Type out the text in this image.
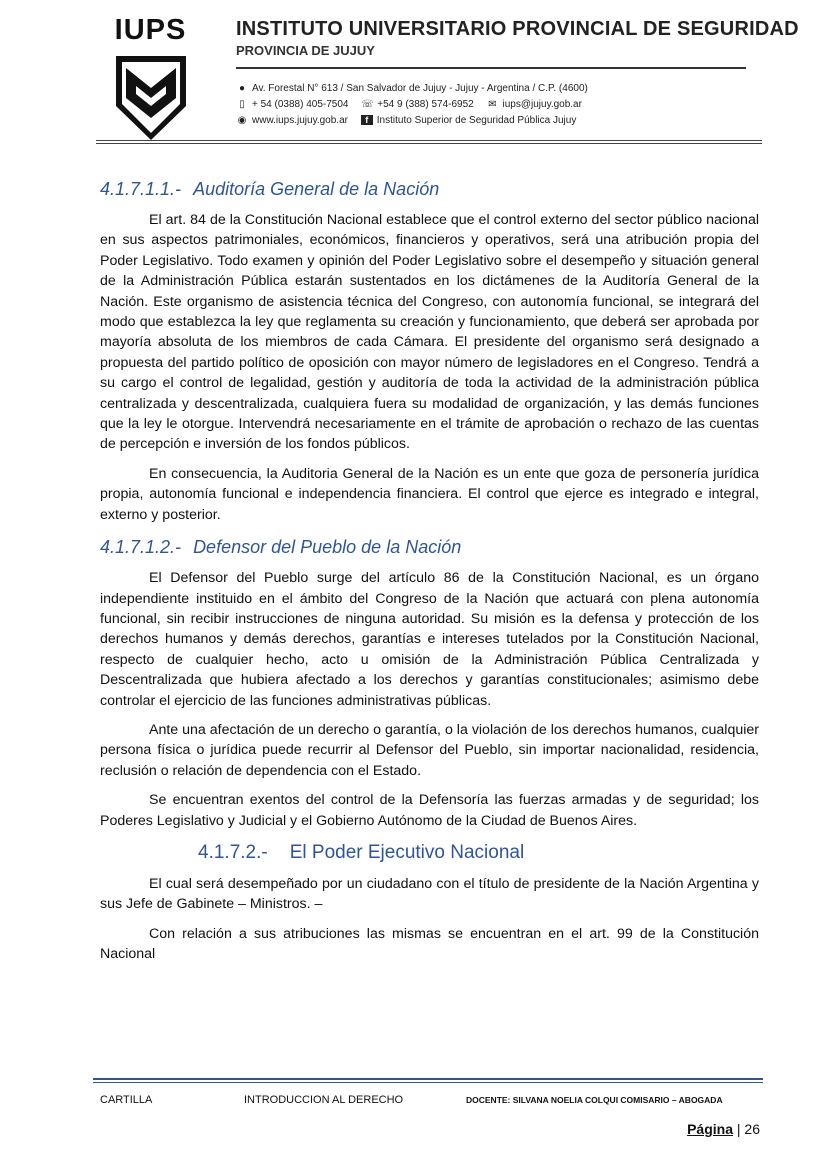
IUPS	INSTITUTO UNIVERSITARIO PROVINCIAL DE SEGURIDAD
PROVINCIA DE JUJUY
● Av. Forestal N° 613 / San Salvador de Jujuy - Jujuy - Argentina / C.P. (4600)
▯ + 54 (0388) 405-7504 ☏ +54 9 (388) 574-6952 ✉ iups@jujuy.gob.ar
◉ www.iups.jujuy.gob.ar f Instituto Superior de Seguridad Pública Jujuy
4.1.7.1.1.- Auditoría General de la Nación

El art. 84 de la Constitución Nacional establece que el control externo del sector público nacional en sus aspectos patrimoniales, económicos, financieros y operativos, será una atribución propia del Poder Legislativo. Todo examen y opinión del Poder Legislativo sobre el desempeño y situación general de la Administración Pública estarán sustentados en los dictámenes de la Auditoría General de la Nación. Este organismo de asistencia técnica del Congreso, con autonomía funcional, se integrará del modo que establezca la ley que reglamenta su creación y funcionamiento, que deberá ser aprobada por mayoría absoluta de los miembros de cada Cámara. El presidente del organismo será designado a propuesta del partido político de oposición con mayor número de legisladores en el Congreso. Tendrá a su cargo el control de legalidad, gestión y auditoría de toda la actividad de la administración pública centralizada y descentralizada, cualquiera fuera su modalidad de organización, y las demás funciones que la ley le otorgue. Intervendrá necesariamente en el trámite de aprobación o rechazo de las cuentas de percepción e inversión de los fondos públicos.

En consecuencia, la Auditoria General de la Nación es un ente que goza de personería jurídica propia, autonomía funcional e independencia financiera. El control que ejerce es integrado e integral, externo y posterior.

4.1.7.1.2.- Defensor del Pueblo de la Nación

El Defensor del Pueblo surge del artículo 86 de la Constitución Nacional, es un órgano independiente instituido en el ámbito del Congreso de la Nación que actuará con plena autonomía funcional, sin recibir instrucciones de ninguna autoridad. Su misión es la defensa y protección de los derechos humanos y demás derechos, garantías e intereses tutelados por la Constitución Nacional, respecto de cualquier hecho, acto u omisión de la Administración Pública Centralizada y Descentralizada que hubiera afectado a los derechos y garantías constitucionales; asimismo debe controlar el ejercicio de las funciones administrativas públicas.

Ante una afectación de un derecho o garantía, o la violación de los derechos humanos, cualquier persona física o jurídica puede recurrir al Defensor del Pueblo, sin importar nacionalidad, residencia, reclusión o relación de dependencia con el Estado.

Se encuentran exentos del control de la Defensoría las fuerzas armadas y de seguridad; los Poderes Legislativo y Judicial y el Gobierno Autónomo de la Ciudad de Buenos Aires.

4.1.7.2.- El Poder Ejecutivo Nacional

El cual será desempeñado por un ciudadano con el título de presidente de la Nación Argentina y sus Jefe de Gabinete – Ministros. –

Con relación a sus atribuciones las mismas se encuentran en el art. 99 de la Constitución Nacional

CARTILLA	INTRODUCCION AL DERECHO	DOCENTE: SILVANA NOELIA COLQUI COMISARIO – ABOGADA
Página | 26
